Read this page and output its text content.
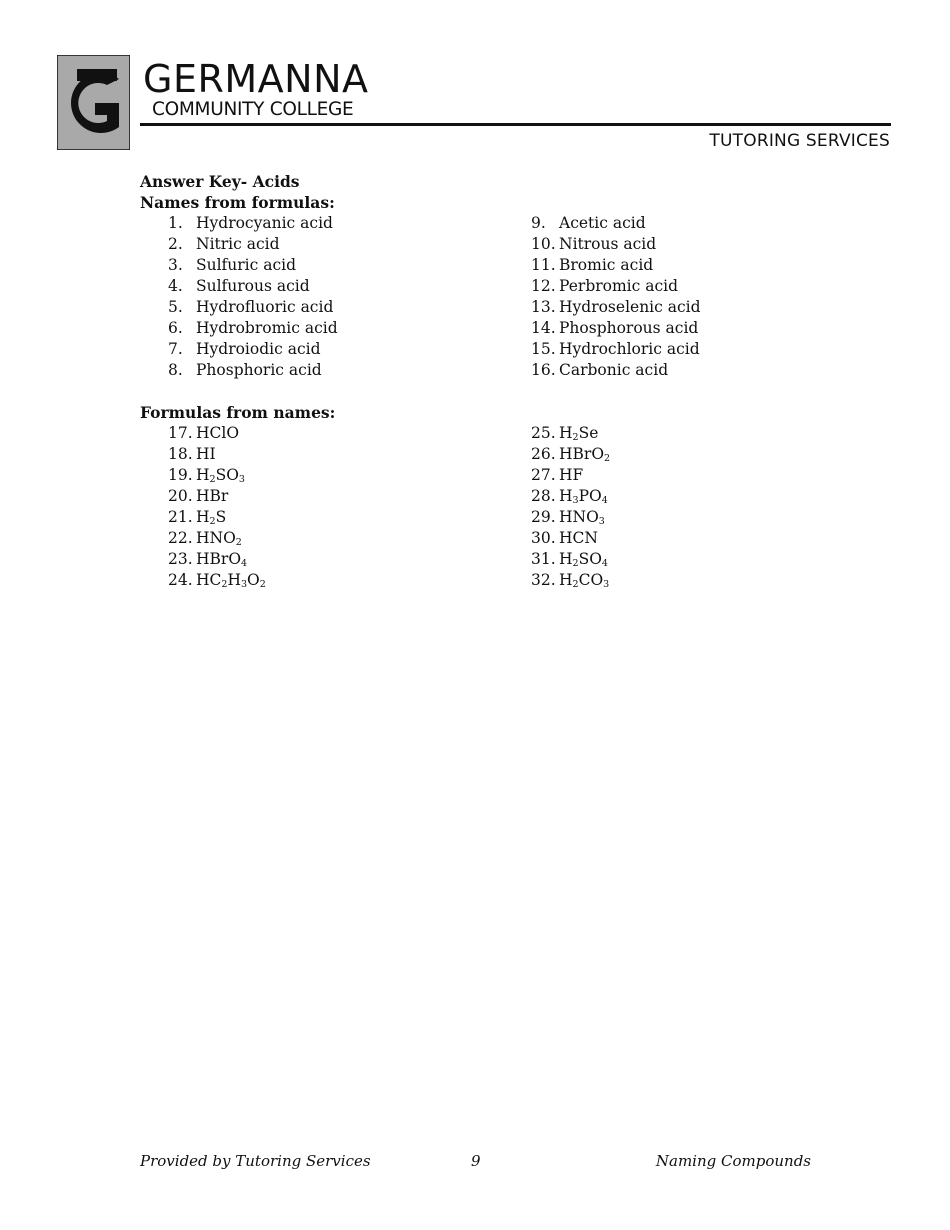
GERMANNA
COMMUNITY COLLEGE
TUTORING SERVICES

Answer Key- Acids

Names from formulas:

1. Hydrocyanic acid
2. Nitric acid
3. Sulfuric acid
4. Sulfurous acid
5. Hydrofluoric acid
6. Hydrobromic acid
7. Hydroiodic acid
8. Phosphoric acid
9. Acetic acid
10. Nitrous acid
11. Bromic acid
12. Perbromic acid
13. Hydroselenic acid
14. Phosphorous acid
15. Hydrochloric acid
16. Carbonic acid

Formulas from names:

17. HClO
18. HI
19. $H_2SO_3$
20. HBr
21. $H_2S$
22. $HNO_2$
23. HBrO$_4$
24. $HC_2H_3O_2$
25. $H_2Se$
26. HBrO$_2$
27. HF
28. $H_3PO_4$
29. $HNO_3$
30. HCN
31. $H_2SO_4$
32. $H_2CO_3$
Provided by Tutoring Services	9	Naming Compounds
